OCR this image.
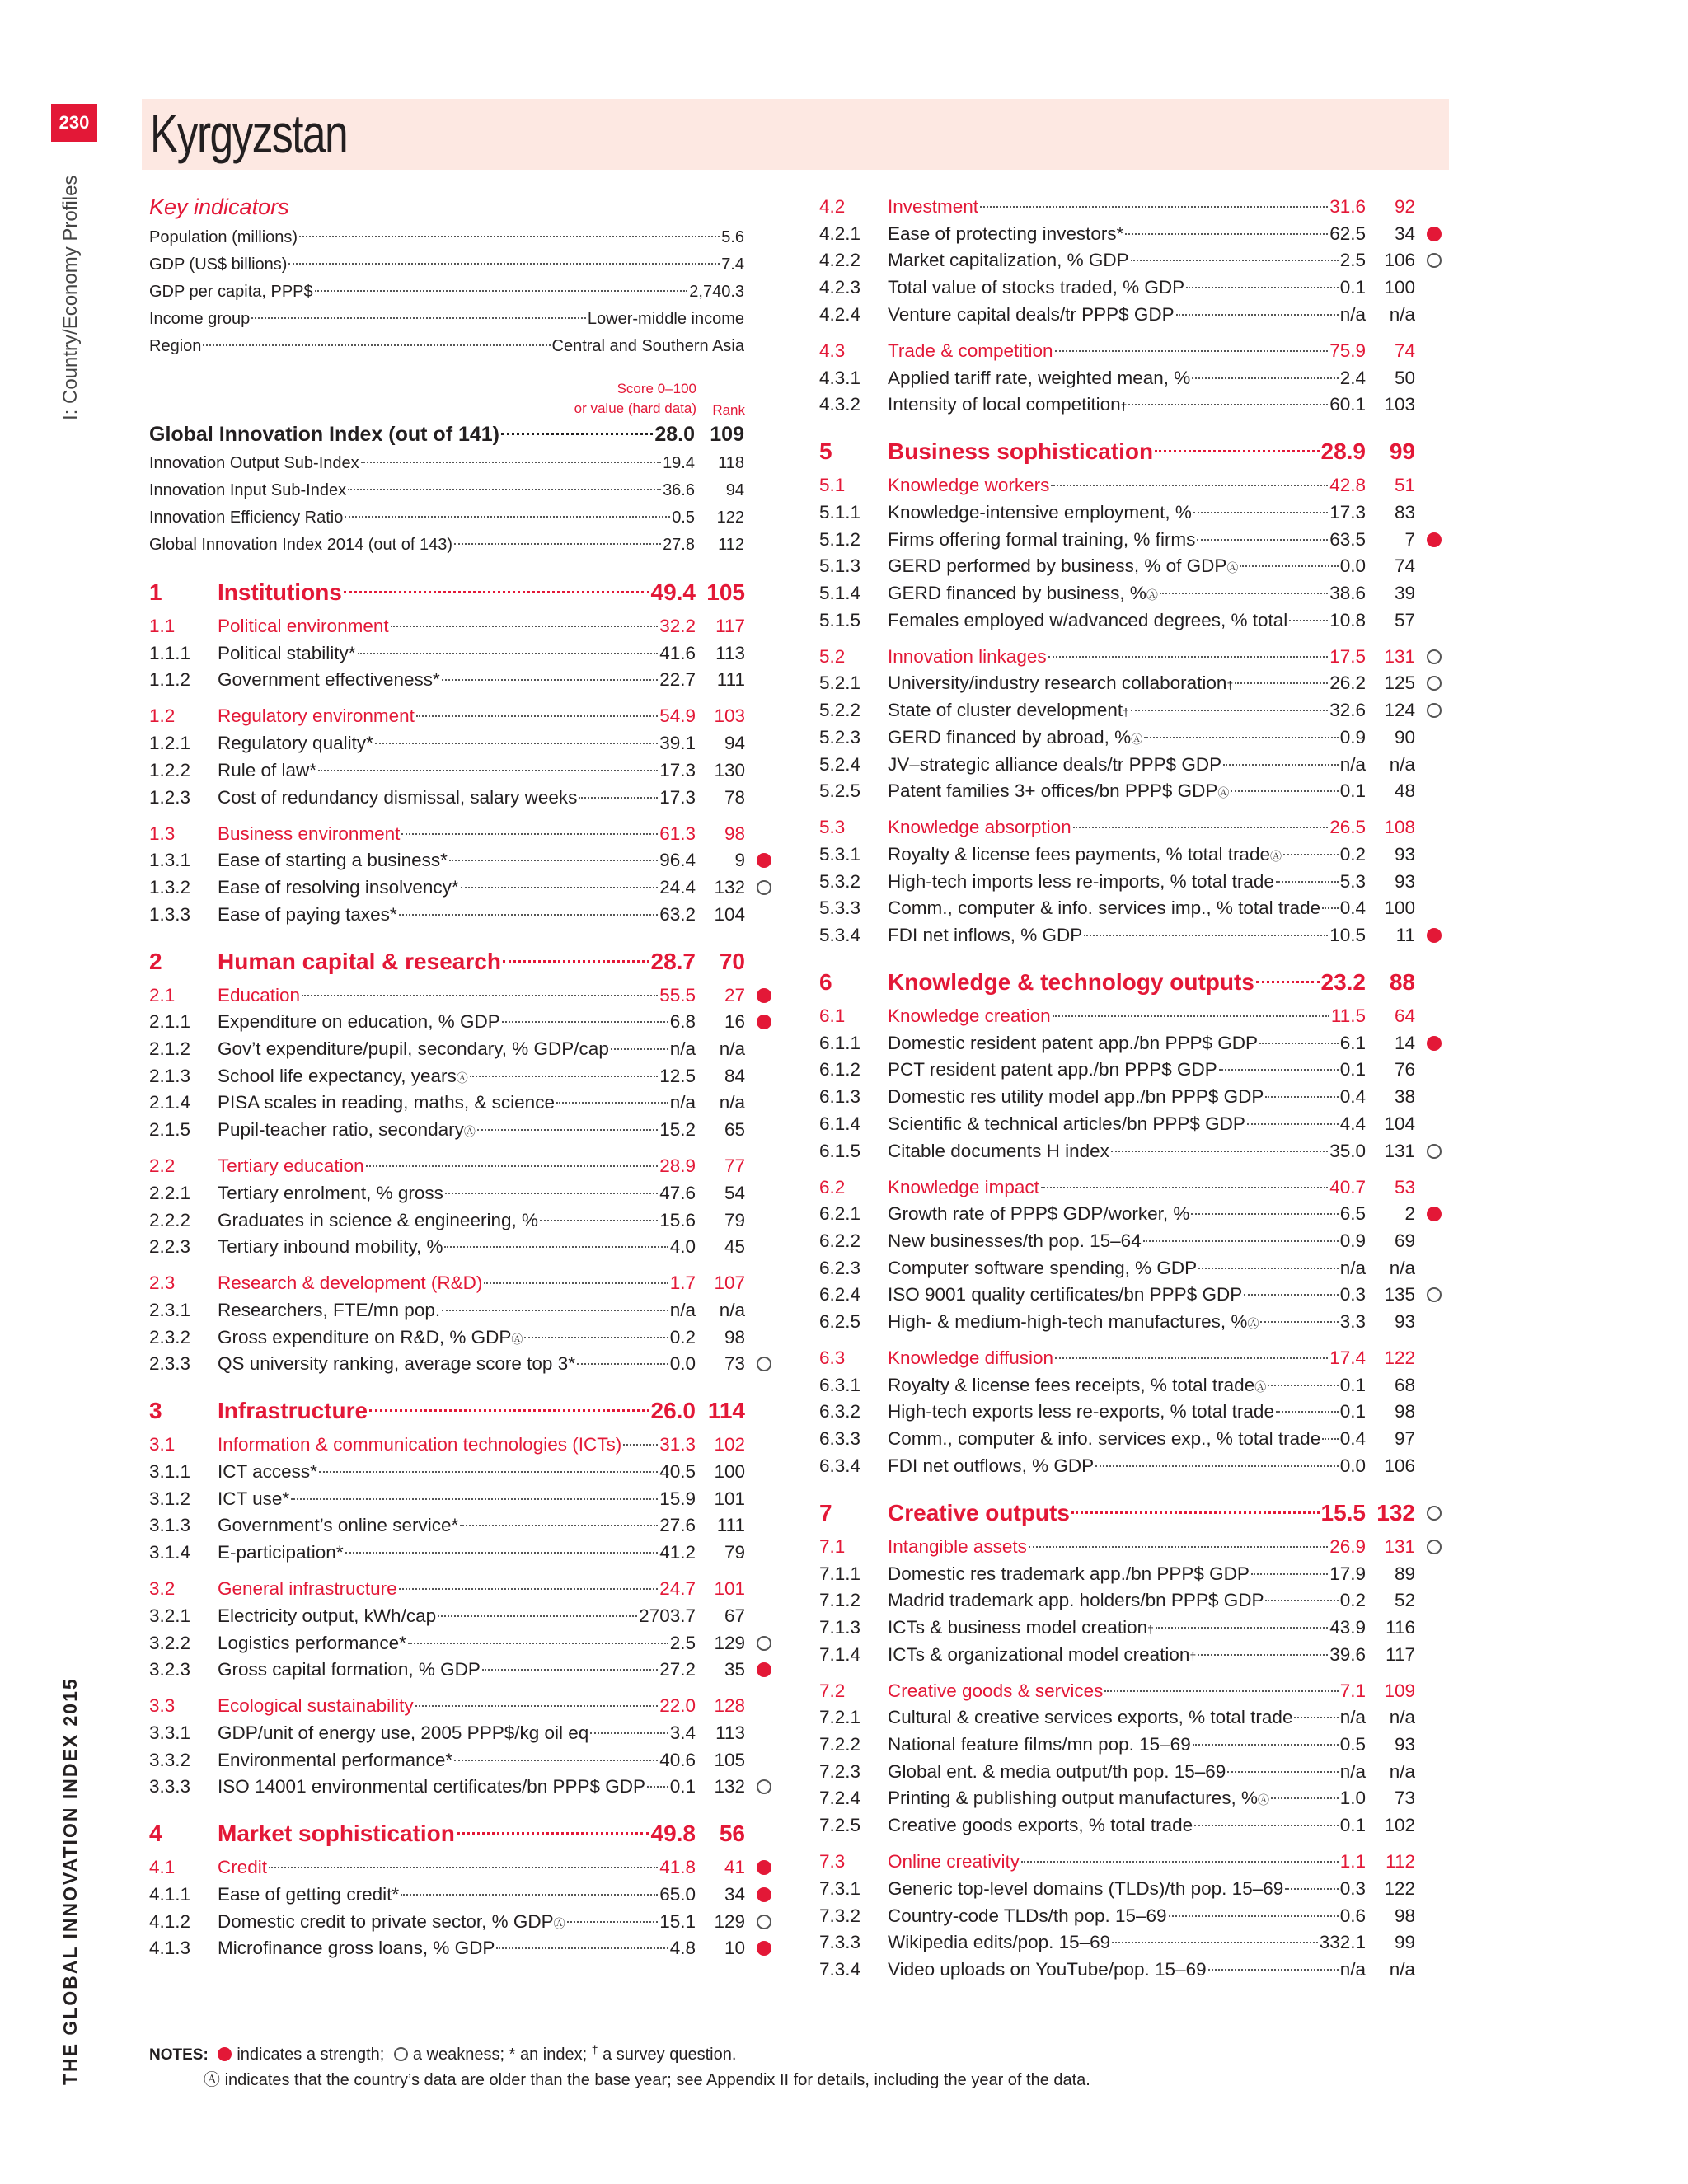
230 Kyrgyzstan
I: Country/Economy Profiles
THE GLOBAL INNOVATION INDEX 2015
Key indicators
Population (millions)	5.6
GDP (US$ billions)	7.4
GDP per capita, PPP$	2,740.3
Income group	Lower-middle income
Region	Central and Southern Asia
Score 0–100
or value (hard data) Rank
Global Innovation Index (out of 141)	28.0 109
Innovation Output Sub-Index	19.4	118
Innovation Input Sub-Index	36.6	94
Innovation Efficiency Ratio	0.5	122
Global Innovation Index 2014 (out of 143)	27.8	112
1 Institutions	49.4 105
1.1 Political environment	32.2	117
1.1.1 Political stability*	41.6	113
1.1.2 Government effectiveness*	22.7	111
1.2 Regulatory environment	54.9 103
1.2.1 Regulatory quality*	39.1	94
1.2.2 Rule of law*	17.3 130
1.2.3 Cost of redundancy dismissal, salary weeks	17.3	78
1.3 Business environment	61.3	98
1.3.1 Ease of starting a business*	96.4	9
1.3.2 Ease of resolving insolvency*	24.4 132
1.3.3 Ease of paying taxes*	63.2 104
2 Human capital & research	28.7	70
2.1 Education	55.5	27
2.1.1 Expenditure on education, % GDP	6.8	16
2.1.2 Gov’t expenditure/pupil, secondary, % GDP/cap	n/a	n/a
2.1.3 School life expectancy, years Ⓐ	12.5	84
2.1.4 PISA scales in reading, maths, & science	n/a	n/a
2.1.5 Pupil-teacher ratio, secondary Ⓐ	15.2	65
2.2 Tertiary education	28.9	77
2.2.1 Tertiary enrolment, % gross	47.6	54
2.2.2 Graduates in science & engineering, %	15.6	79
2.2.3 Tertiary inbound mobility, %	4.0	45
2.3 Research & development (R&D)	1.7 107
2.3.1 Researchers, FTE/mn pop.	n/a	n/a
2.3.2 Gross expenditure on R&D, % GDP Ⓐ	0.2	98
2.3.3 QS university ranking, average score top 3*	0.0	73
3 Infrastructure	26.0 114
3.1 Information & communication technologies (ICTs) 31.3 102
3.1.1 ICT access*	40.5 100
3.1.2 ICT use*	15.9 101
3.1.3 Government’s online service*	27.6	111
3.1.4 E-participation*	41.2	79
3.2 General infrastructure	24.7 101
3.2.1 Electricity output, kWh/cap	2703.7	67
3.2.2 Logistics performance*	2.5 129
3.2.3 Gross capital formation, % GDP	27.2	35
3.3 Ecological sustainability	22.0 128
3.3.1 GDP/unit of energy use, 2005 PPP$/kg oil eq	3.4	113
3.3.2 Environmental performance*	40.6 105
3.3.3 ISO 14001 environmental certificates/bn PPP$ GDP 0.1 132
4 Market sophistication	49.8	56
4.1 Credit	41.8	41
4.1.1 Ease of getting credit*	65.0	34
4.1.2 Domestic credit to private sector, % GDP Ⓐ	15.1 129
4.1.3 Microfinance gross loans, % GDP	4.8	10
4.2 Investment	31.6	92
4.2.1 Ease of protecting investors*	62.5	34
4.2.2 Market capitalization, % GDP	2.5 106
4.2.3 Total value of stocks traded, % GDP	0.1 100
4.2.4 Venture capital deals/tr PPP$ GDP	n/a	n/a
4.3 Trade & competition	75.9	74
4.3.1 Applied tariff rate, weighted mean, %	2.4	50
4.3.2 Intensity of local competition †	60.1 103
5 Business sophistication	28.9	99
5.1 Knowledge workers	42.8	51
5.1.1 Knowledge-intensive employment, %	17.3	83
5.1.2 Firms offering formal training, % firms	63.5	7
5.1.3 GERD performed by business, % of GDP Ⓐ	0.0	74
5.1.4 GERD financed by business, % Ⓐ	38.6	39
5.1.5 Females employed w/advanced degrees, % total 10.8	57
5.2 Innovation linkages	17.5 131
5.2.1 University/industry research collaboration †	26.2 125
5.2.2 State of cluster development †	32.6 124
5.2.3 GERD financed by abroad, % Ⓐ	0.9	90
5.2.4 JV–strategic alliance deals/tr PPP$ GDP	n/a	n/a
5.2.5 Patent families 3+ offices/bn PPP$ GDP Ⓐ	0.1	48
5.3 Knowledge absorption	26.5 108
5.3.1 Royalty & license fees payments, % total trade Ⓐ	0.2	93
5.3.2 High-tech imports less re-imports, % total trade	5.3	93
5.3.3 Comm., computer & info. services imp., % total trade 0.4 100
5.3.4 FDI net inflows, % GDP	10.5	11
6 Knowledge & technology outputs	23.2	88
6.1 Knowledge creation	11.5	64
6.1.1 Domestic resident patent app./bn PPP$ GDP	6.1	14
6.1.2 PCT resident patent app./bn PPP$ GDP	0.1	76
6.1.3 Domestic res utility model app./bn PPP$ GDP	0.4	38
6.1.4 Scientific & technical articles/bn PPP$ GDP	4.4 104
6.1.5 Citable documents H index	35.0 131
6.2 Knowledge impact	40.7	53
6.2.1 Growth rate of PPP$ GDP/worker, %	6.5	2
6.2.2 New businesses/th pop. 15–64	0.9	69
6.2.3 Computer software spending, % GDP	n/a	n/a
6.2.4 ISO 9001 quality certificates/bn PPP$ GDP	0.3 135
6.2.5 High- & medium-high-tech manufactures, % Ⓐ	3.3	93
6.3 Knowledge diffusion	17.4 122
6.3.1 Royalty & license fees receipts, % total trade Ⓐ	0.1	68
6.3.2 High-tech exports less re-exports, % total trade	0.1	98
6.3.3 Comm., computer & info. services exp., % total trade 0.4	97
6.3.4 FDI net outflows, % GDP	0.0 106
7 Creative outputs	15.5 132
7.1 Intangible assets	26.9 131
7.1.1 Domestic res trademark app./bn PPP$ GDP	17.9	89
7.1.2 Madrid trademark app. holders/bn PPP$ GDP	0.2	52
7.1.3 ICTs & business model creation †	43.9	116
7.1.4 ICTs & organizational model creation †	39.6	117
7.2 Creative goods & services	7.1 109
7.2.1 Cultural & creative services exports, % total trade	n/a	n/a
7.2.2 National feature films/mn pop. 15–69	0.5	93
7.2.3 Global ent. & media output/th pop. 15–69	n/a	n/a
7.2.4 Printing & publishing output manufactures, % Ⓐ	1.0	73
7.2.5 Creative goods exports, % total trade	0.1 102
7.3 Online creativity	1.1	112
7.3.1 Generic top-level domains (TLDs)/th pop. 15–69	0.3 122
7.3.2 Country-code TLDs/th pop. 15–69	0.6	98
7.3.3 Wikipedia edits/pop. 15–69	332.1	99
7.3.4 Video uploads on YouTube/pop. 15–69	n/a	n/a
NOTES: indicates a strength; a weakness; * an index; † a survey question.
Ⓐ indicates that the country’s data are older than the base year; see Appendix II for details, including the year of the data.
